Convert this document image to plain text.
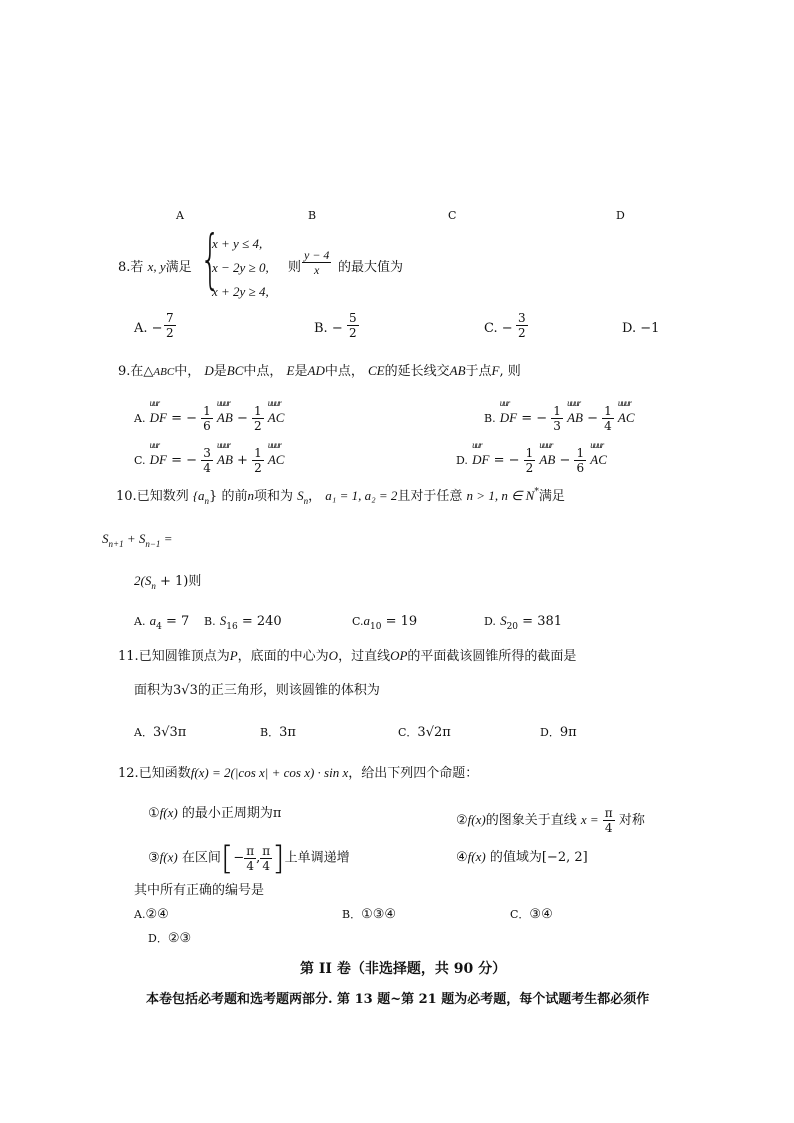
A	B	C	D
8.若 x, y满足 {
x + y ≤ 4,
x − 2y ≥ 0,
x + 2y ≥ 4,
则 $\frac{y - 4}{x}$ 的最大值为
A. − $\frac{7}{2}$	B. − $\frac{5}{2}$	C. − $\frac{3}{2}$	D. −1
9.在△ABC中， D是BC中点， E是AD中点， CE的延长线交AB于点F, 则
A.
uur
DF = − $\frac{1}{6}$

uuur
AB − $\frac{1}{2}$

uuur
AC	B.
uur
DF = − $\frac{1}{3}$

uuur
AB − $\frac{1}{4}$

uuur
AC
C.
uur
DF = − $\frac{3}{4}$

uuur
AB + $\frac{1}{2}$

uuur
AC	D.
uur
DF = − $\frac{1}{2}$

uuur
AB − $\frac{1}{6}$

uuur
AC
10.已知数列 $\{a_n\}$ 的前n项和为 $S_n$， a₁ = 1, a₂ = 2且对于任意 n > 1, n ∈ N*满足
$S_{n+1} + S_{n-1}$ =
$2(S_n + 1)$则
A. $a_4 = 7$ B. $S_{16} = 240$	$C.a_{10} = 19$	D. $S_{20} = 381$
11.已知圆锥顶点为P，底面的中心为O，过直线OP的平面截该圆锥所得的截面是
面积为3√3的正三角形，则该圆锥的体积为
A．3√3π	B．3π	C．3√2π	D．9π
12.已知函数f(x) = 2(|cos x| + cos x) · sin x，给出下列四个命题：
①f(x) 的最小正周期为π	②f(x)的图象关于直线 $x = \frac{\pi}{4}$ 对称
③f(x) 在区间[− $\frac{\pi}{4}$ , $\frac{\pi}{4}$ ]上单调递增	④f(x) 的值域为[−2, 2]
其中所有正确的编号是
A.②④	B．①③④	C．③④
D．②③
第 II 卷（非选择题，共 90 分）
本卷包括必考题和选考题两部分. 第 13 题~第 21 题为必考题，每个试题考生都必须作
